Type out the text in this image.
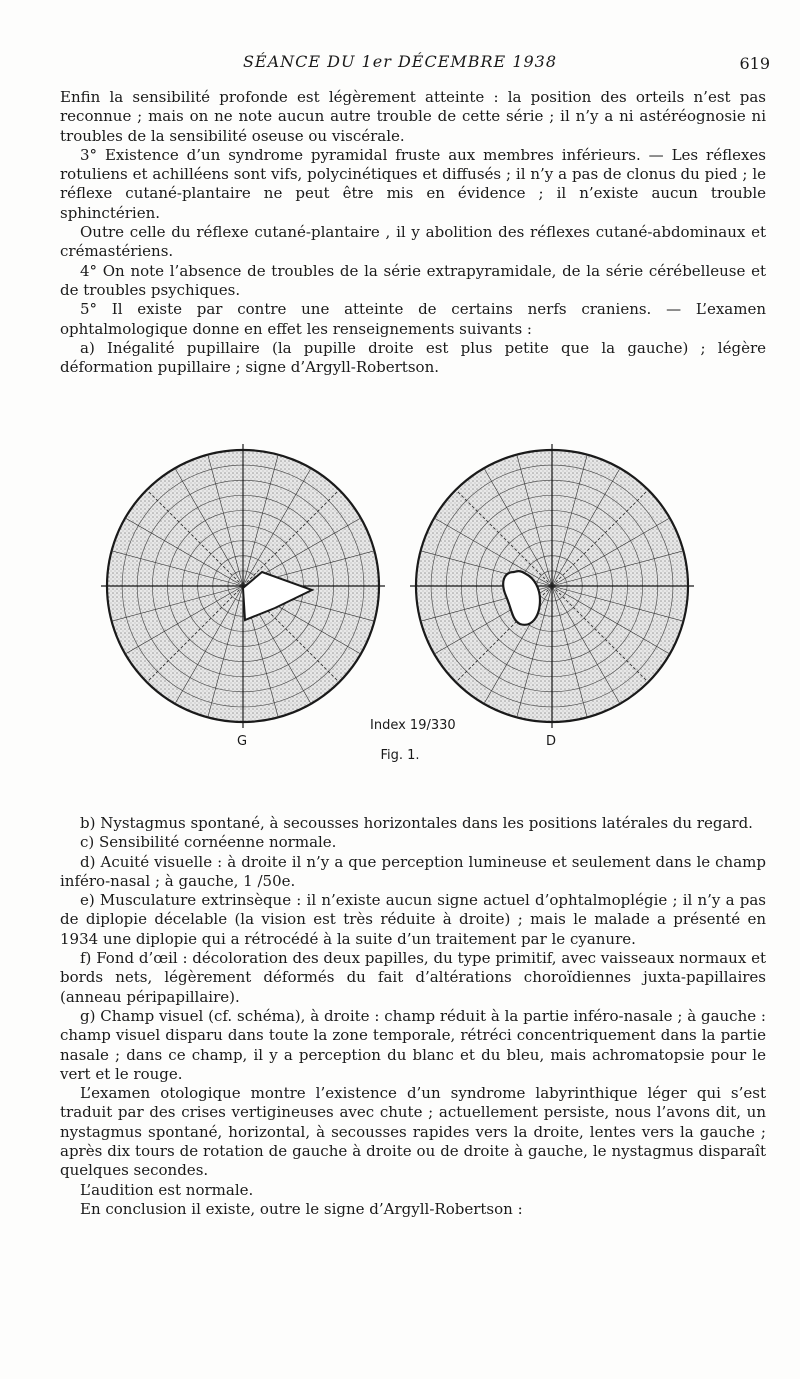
SÉANCE DU 1er DÉCEMBRE 1938	619

Enfin la sensibilité profonde est légèrement atteinte : la position des orteils n’est pas reconnue ; mais on ne note aucun autre trouble de cette série ; il n’y a ni astéréognosie ni troubles de la sensibilité oseuse ou viscérale.

3° Existence d’un syndrome pyramidal fruste aux membres inférieurs. — Les réflexes rotuliens et achilléens sont vifs, polycinétiques et diffusés ; il n’y a pas de clonus du pied ; le réflexe cutané-plantaire ne peut être mis en évidence ; il n’existe aucun trouble sphinctérien.

Outre celle du réflexe cutané-plantaire , il y abolition des réflexes cutané-abdominaux et crémastériens.

4° On note l’absence de troubles de la série extrapyramidale, de la série cérébelleuse et de troubles psychiques.

5° Il existe par contre une atteinte de certains nerfs craniens. — L’examen ophtalmologique donne en effet les renseignements suivants :

a) Inégalité pupillaire (la pupille droite est plus petite que la gauche) ; légère déformation pupillaire ; signe d’Argyll-Robertson.

G	D
Index 19/330
Fig. 1.

b) Nystagmus spontané, à secousses horizontales dans les positions latérales du regard.

c) Sensibilité cornéenne normale.

d) Acuité visuelle : à droite il n’y a que perception lumineuse et seulement dans le champ inféro-nasal ; à gauche, 1 /50e.

e) Musculature extrinsèque : il n’existe aucun signe actuel d’ophtalmoplégie ; il n’y a pas de diplopie décelable (la vision est très réduite à droite) ; mais le malade a présenté en 1934 une diplopie qui a rétrocédé à la suite d’un traitement par le cyanure.

f) Fond d’œil : décoloration des deux papilles, du type primitif, avec vaisseaux normaux et bords nets, légèrement déformés du fait d’altérations choroïdiennes juxta-papillaires (anneau péripapillaire).

g) Champ visuel (cf. schéma), à droite : champ réduit à la partie inféro-nasale ; à gauche : champ visuel disparu dans toute la zone temporale, rétréci concentriquement dans la partie nasale ; dans ce champ, il y a perception du blanc et du bleu, mais achromatopsie pour le vert et le rouge.

L’examen otologique montre l’existence d’un syndrome labyrinthique léger qui s’est traduit par des crises vertigineuses avec chute ; actuellement persiste, nous l’avons dit, un nystagmus spontané, horizontal, à secousses rapides vers la droite, lentes vers la gauche ; après dix tours de rotation de gauche à droite ou de droite à gauche, le nystagmus disparaît quelques secondes.

L’audition est normale.

En conclusion il existe, outre le signe d’Argyll-Robertson :
